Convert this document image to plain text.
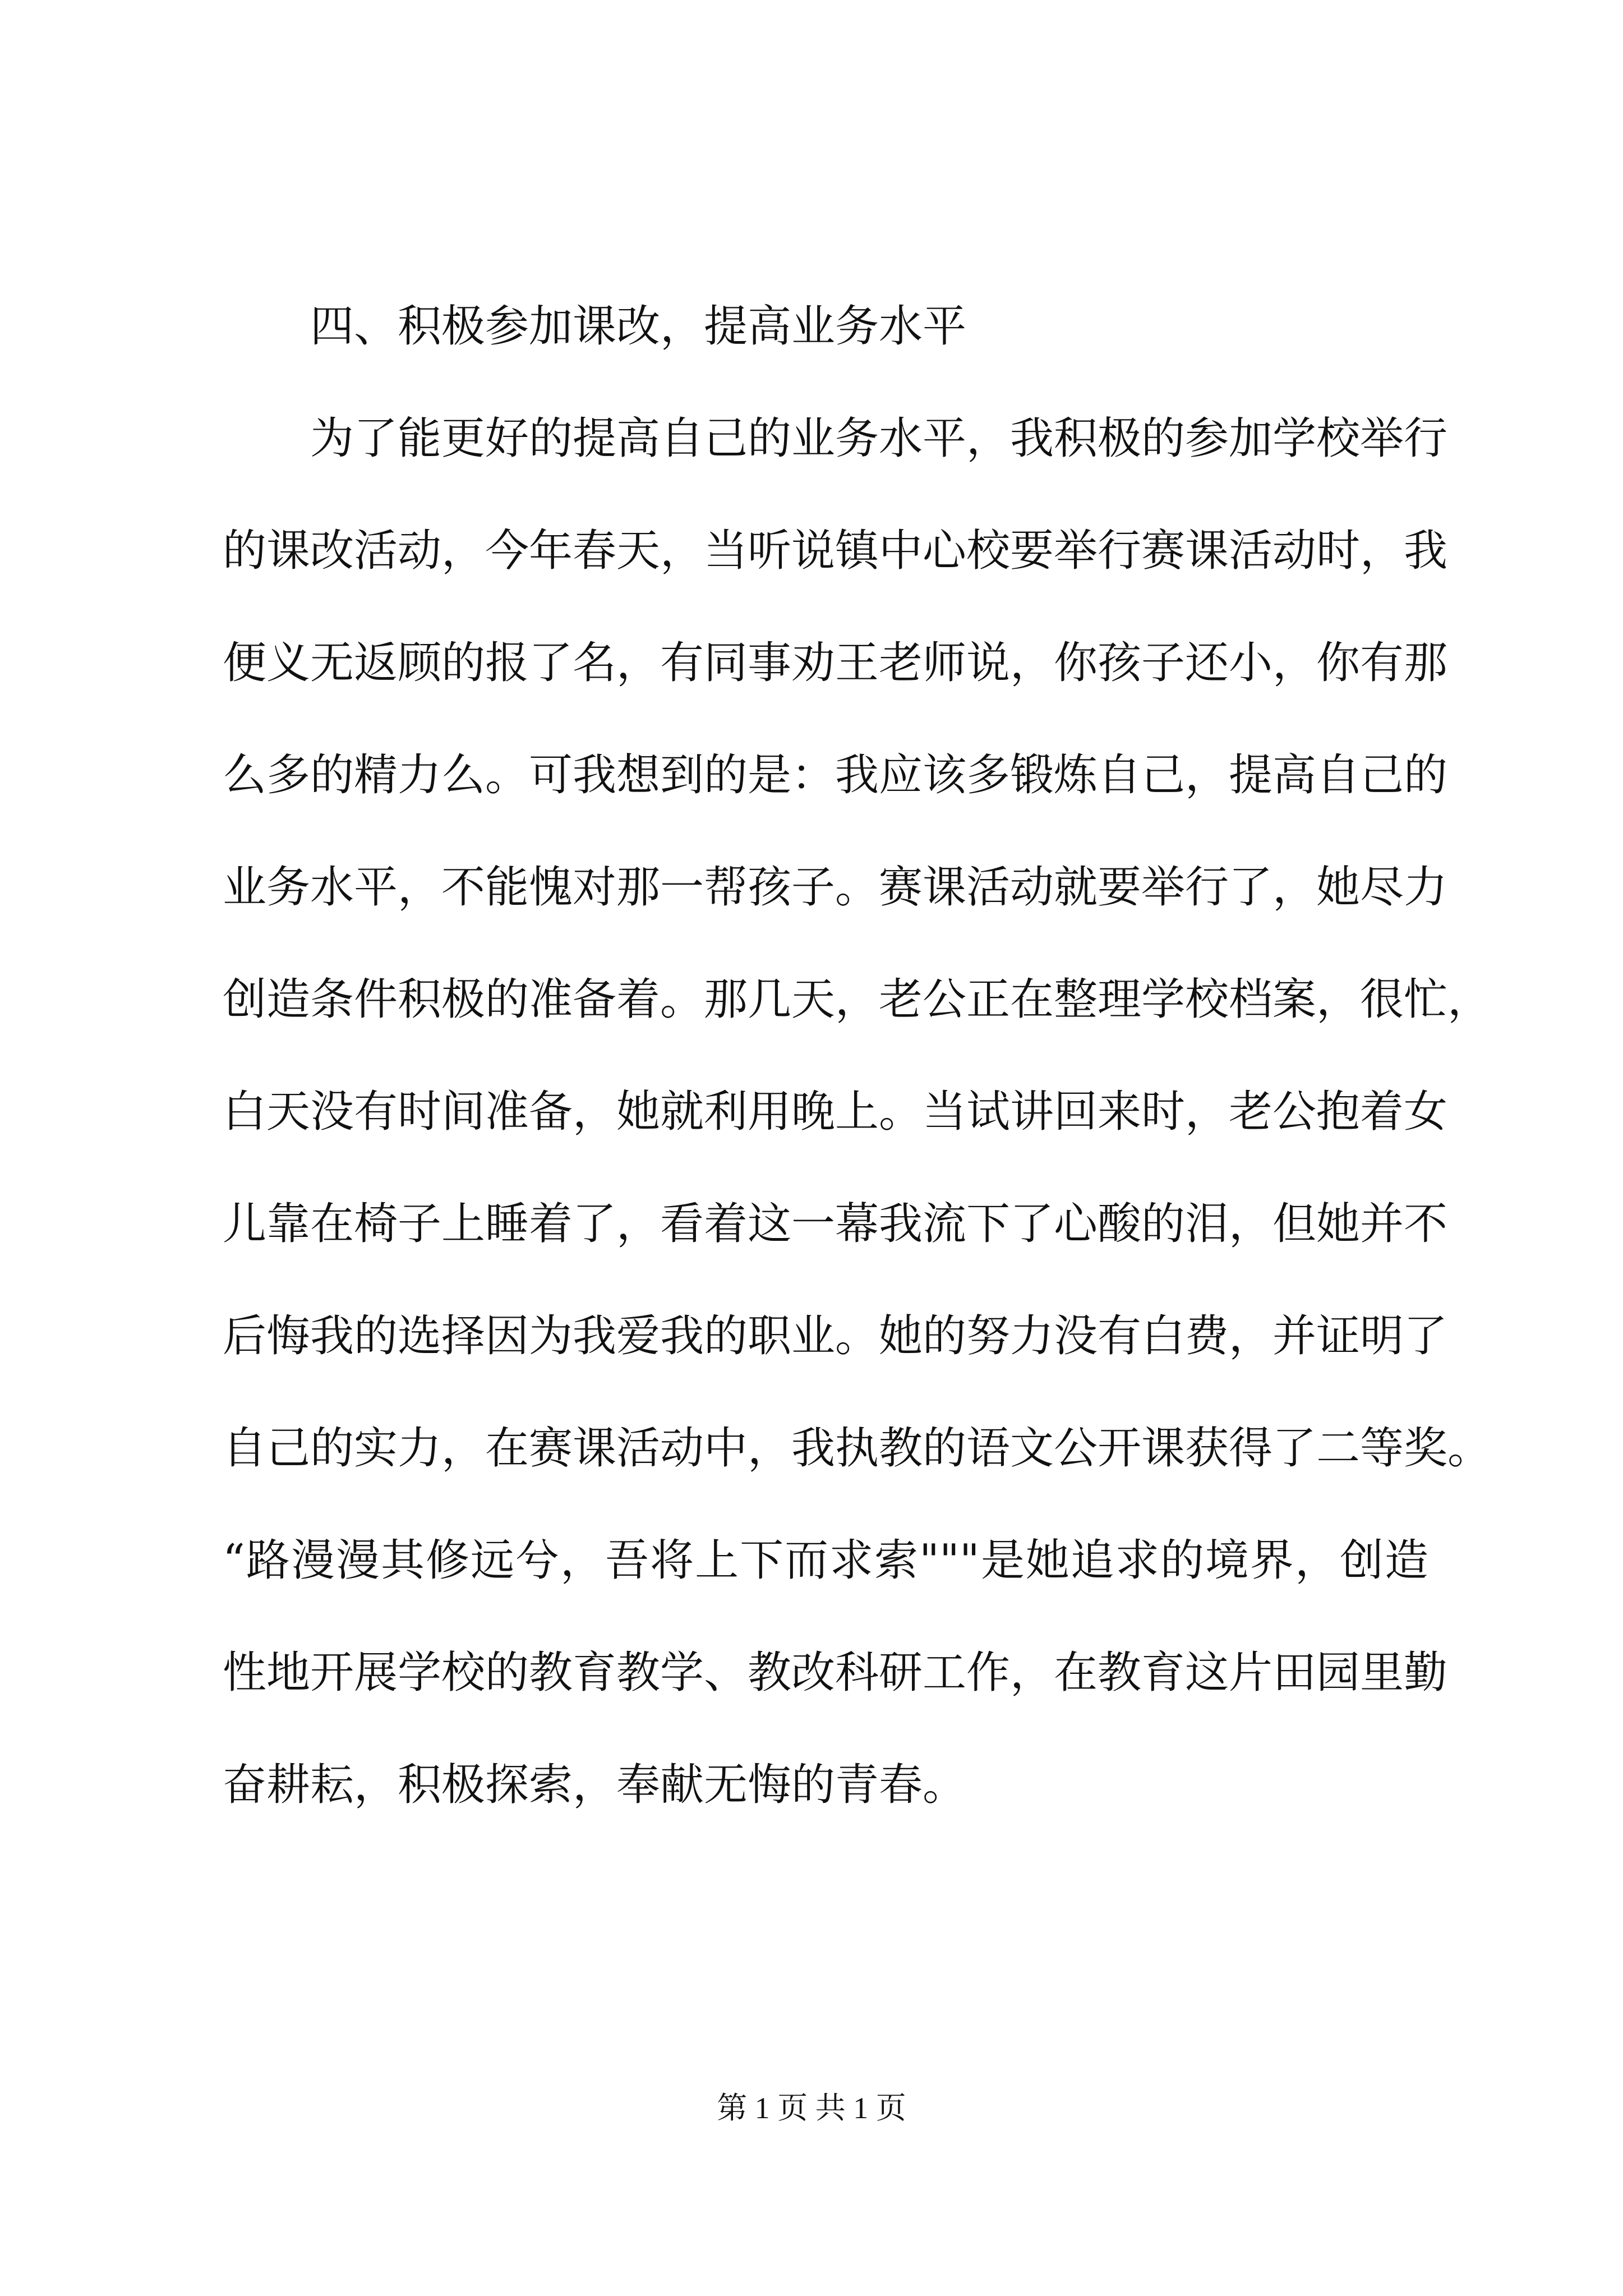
四、积极参加课改，提高业务水平
为了能更好的提高自己的业务水平，我积极的参加学校举行
的课改活动，今年春天，当听说镇中心校要举行赛课活动时，我
便义无返顾的报了名，有同事劝王老师说，你孩子还小，你有那
么多的精力么。可我想到的是：我应该多锻炼自己，提高自己的
业务水平，不能愧对那一帮孩子。赛课活动就要举行了，她尽力
创造条件积极的准备着。那几天，老公正在整理学校档案，很忙，
白天没有时间准备，她就利用晚上。当试讲回来时，老公抱着女
儿靠在椅子上睡着了，看着这一幕我流下了心酸的泪，但她并不
后悔我的选择因为我爱我的职业。她的努力没有白费，并证明了
自己的实力，在赛课活动中，我执教的语文公开课获得了二等奖。
“路漫漫其修远兮，吾将上下而求索"""是她追求的境界，创造
性地开展学校的教育教学、教改科研工作，在教育这片田园里勤
奋耕耘，积极探索，奉献无悔的青春。
第 1 页 共 1 页
